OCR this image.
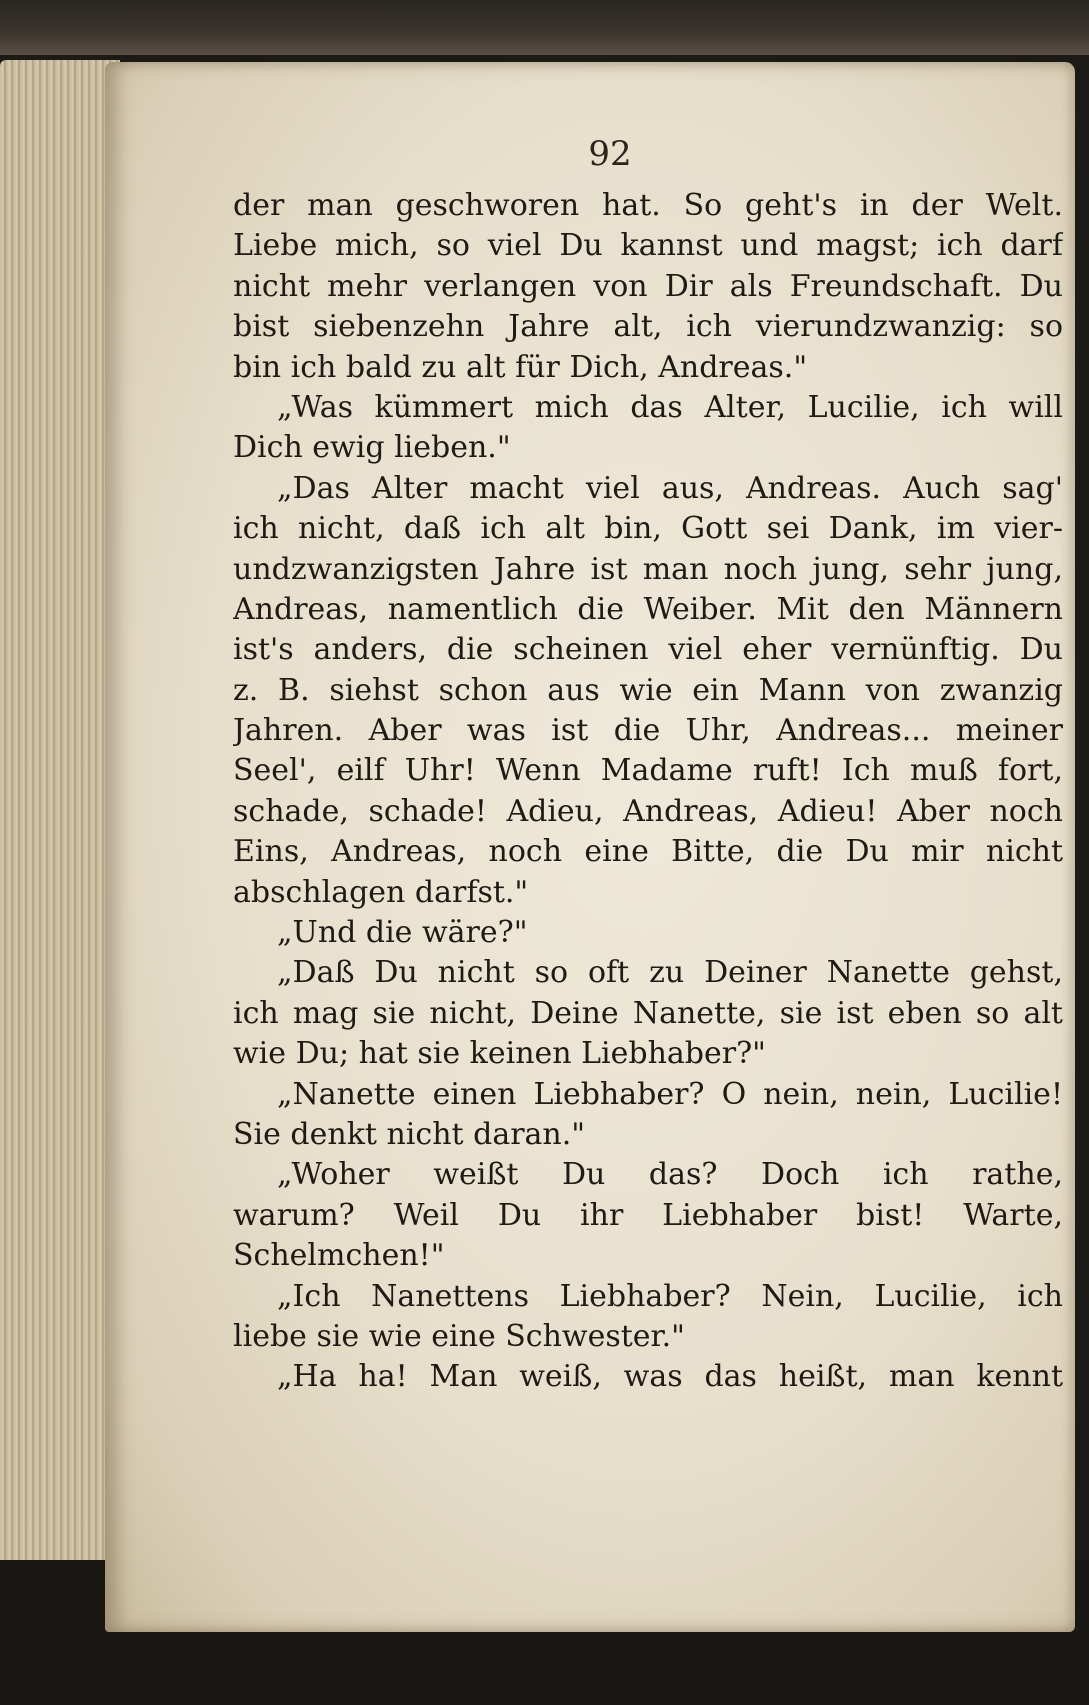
92
der man geschworen hat. So geht's in der Welt.
Liebe mich, so viel Du kannst und magst; ich darf
nicht mehr verlangen von Dir als Freundschaft. Du
bist siebenzehn Jahre alt, ich vierundzwanzig: so
bin ich bald zu alt für Dich, Andreas."
„Was kümmert mich das Alter, Lucilie, ich will
Dich ewig lieben."
„Das Alter macht viel aus, Andreas. Auch sag'
ich nicht, daß ich alt bin, Gott sei Dank, im vier-
undzwanzigsten Jahre ist man noch jung, sehr jung,
Andreas, namentlich die Weiber. Mit den Männern
ist's anders, die scheinen viel eher vernünftig. Du
z. B. siehst schon aus wie ein Mann von zwanzig
Jahren. Aber was ist die Uhr, Andreas... meiner
Seel', eilf Uhr! Wenn Madame ruft! Ich muß fort,
schade, schade! Adieu, Andreas, Adieu! Aber noch
Eins, Andreas, noch eine Bitte, die Du mir nicht
abschlagen darfst."
„Und die wäre?"
„Daß Du nicht so oft zu Deiner Nanette gehst,
ich mag sie nicht, Deine Nanette, sie ist eben so alt
wie Du; hat sie keinen Liebhaber?"
„Nanette einen Liebhaber? O nein, nein, Lucilie!
Sie denkt nicht daran."
„Woher weißt Du das? Doch ich rathe,
warum? Weil Du ihr Liebhaber bist! Warte,
Schelmchen!"
„Ich Nanettens Liebhaber? Nein, Lucilie, ich
liebe sie wie eine Schwester."
„Ha ha! Man weiß, was das heißt, man kennt
